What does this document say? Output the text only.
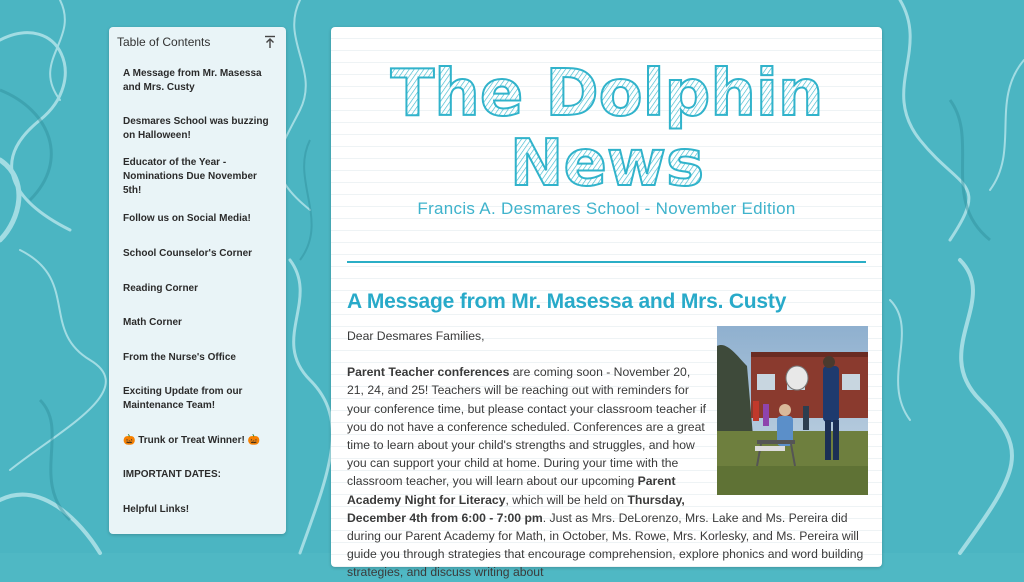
Table of Contents
A Message from Mr. Masessa and Mrs. Custy
Desmares School was buzzing on Halloween!
Educator of the Year - Nominations Due November 5th!
Follow us on Social Media!
School Counselor's Corner
Reading Corner
Math Corner
From the Nurse's Office
Exciting Update from our Maintenance Team!
🎃 Trunk or Treat Winner! 🎃
IMPORTANT DATES:
Helpful Links!
The Dolphin
News
Francis A. Desmares School - November Edition
A Message from Mr. Masessa and Mrs. Custy

Dear Desmares Families,

Parent Teacher conferences are coming soon - November 20, 21, 24, and 25! Teachers will be reaching out with reminders for your conference time, but please contact your classroom teacher if you do not have a conference scheduled. Conferences are a great time to learn about your child's strengths and struggles, and how you can support your child at home. During your time with the classroom teacher, you will learn about our upcoming Parent Academy Night for Literacy, which will be held on Thursday, December 4th from 6:00 - 7:00 pm. Just as Mrs. DeLorenzo, Mrs. Lake and Ms. Pereira did during our Parent Academy for Math, in October, Ms. Rowe, Mrs. Korlesky, and Ms. Pereira will guide you through strategies that encourage comprehension, explore phonics and word building strategies, and discuss writing about
